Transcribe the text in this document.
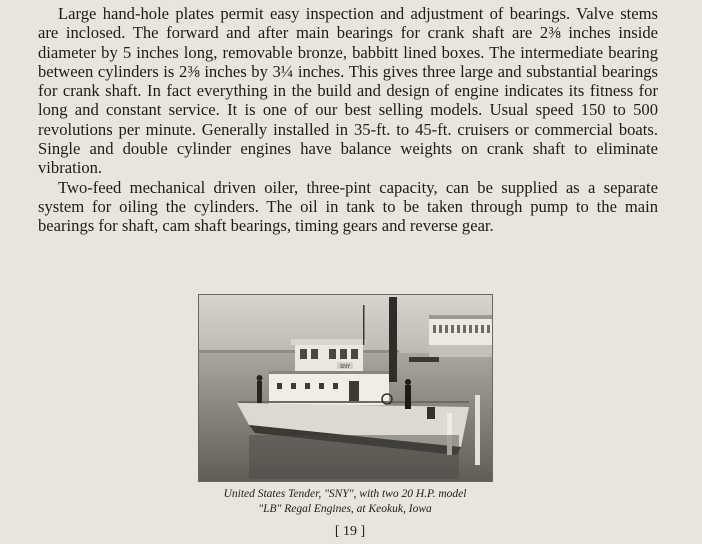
Large hand-hole plates permit easy inspection and adjustment of bearings. Valve stems are inclosed. The forward and after main bearings for crank shaft are 2⅜ inches inside diameter by 5 inches long, removable bronze, babbitt lined boxes. The intermediate bearing between cylinders is 2⅜ inches by 3¼ inches. This gives three large and substantial bearings for crank shaft. In fact everything in the build and design of engine indicates its fitness for long and constant service. It is one of our best selling models. Usual speed 150 to 500 revolutions per minute. Generally installed in 35-ft. to 45-ft. cruisers or commercial boats. Single and double cylinder engines have balance weights on crank shaft to eliminate vibration.

Two-feed mechanical driven oiler, three-pint capacity, can be supplied as a separate system for oiling the cylinders. The oil in tank to be taken through pump to the main bearings for shaft, cam shaft bearings, timing gears and reverse gear.

SNY
United States Tender, "SNY", with two 20 H.P. model
"LB" Regal Engines, at Keokuk, Iowa
[ 19 ]
